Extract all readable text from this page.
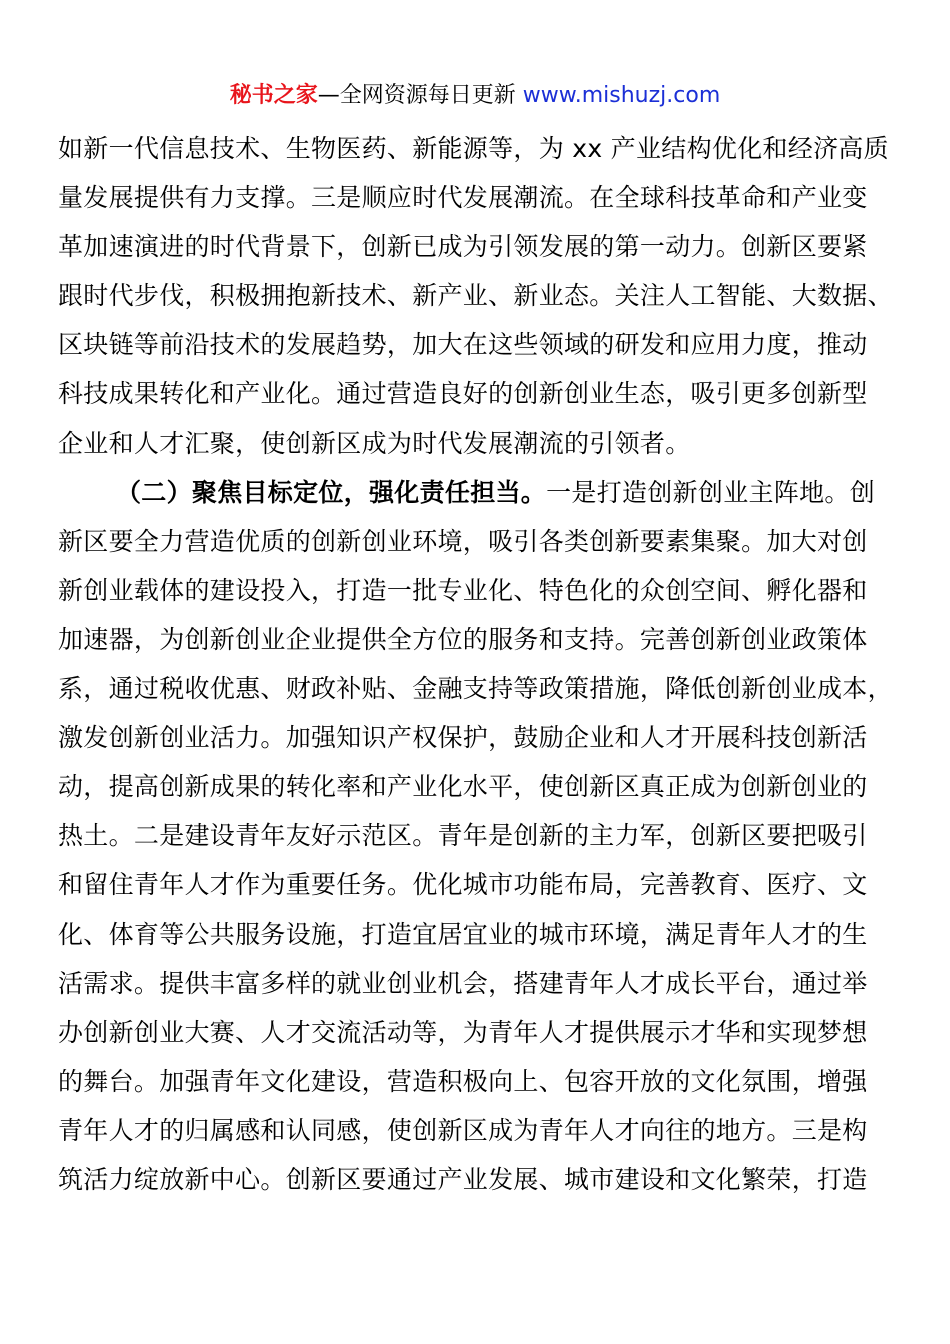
秘书之家—全网资源每日更新 www.mishuzj.com
如新一代信息技术、生物医药、新能源等，为 xx 产业结构优化和经济高质
量发展提供有力支撑。三是顺应时代发展潮流。在全球科技革命和产业变
革加速演进的时代背景下，创新已成为引领发展的第一动力。创新区要紧
跟时代步伐，积极拥抱新技术、新产业、新业态。关注人工智能、大数据、
区块链等前沿技术的发展趋势，加大在这些领域的研发和应用力度，推动
科技成果转化和产业化。通过营造良好的创新创业生态，吸引更多创新型
企业和人才汇聚，使创新区成为时代发展潮流的引领者。
（二）聚焦目标定位，强化责任担当。一是打造创新创业主阵地。创
新区要全力营造优质的创新创业环境，吸引各类创新要素集聚。加大对创
新创业载体的建设投入，打造一批专业化、特色化的众创空间、孵化器和
加速器，为创新创业企业提供全方位的服务和支持。完善创新创业政策体
系，通过税收优惠、财政补贴、金融支持等政策措施，降低创新创业成本，
激发创新创业活力。加强知识产权保护，鼓励企业和人才开展科技创新活
动，提高创新成果的转化率和产业化水平，使创新区真正成为创新创业的
热土。二是建设青年友好示范区。青年是创新的主力军，创新区要把吸引
和留住青年人才作为重要任务。优化城市功能布局，完善教育、医疗、文
化、体育等公共服务设施，打造宜居宜业的城市环境，满足青年人才的生
活需求。提供丰富多样的就业创业机会，搭建青年人才成长平台，通过举
办创新创业大赛、人才交流活动等，为青年人才提供展示才华和实现梦想
的舞台。加强青年文化建设，营造积极向上、包容开放的文化氛围，增强
青年人才的归属感和认同感，使创新区成为青年人才向往的地方。三是构
筑活力绽放新中心。创新区要通过产业发展、城市建设和文化繁荣，打造
